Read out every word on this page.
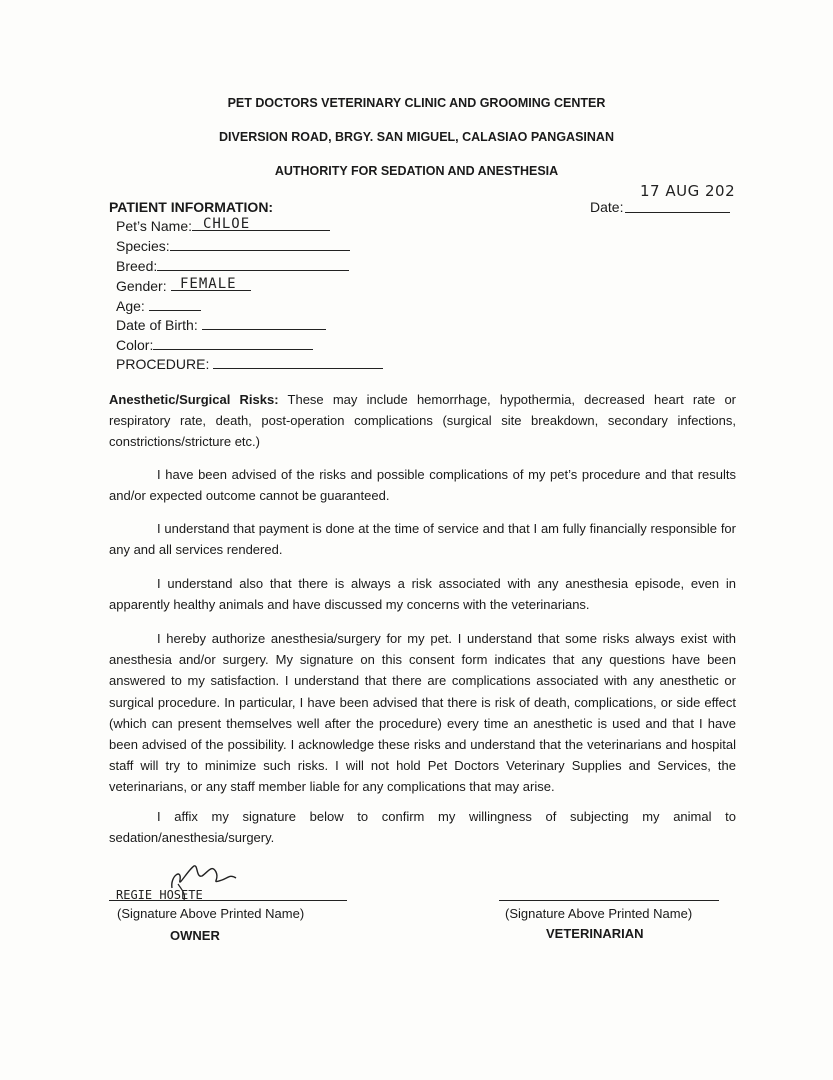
PET DOCTORS VETERINARY CLINIC AND GROOMING CENTER
DIVERSION ROAD, BRGY. SAN MIGUEL, CALASIAO PANGASINAN
AUTHORITY FOR SEDATION AND ANESTHESIA
PATIENT INFORMATION:	Date:
17 AUG 202
Pet’s Name: CHLOE
Species:
Breed:
Gender: FEMALE
Age:
Date of Birth:
Color:
PROCEDURE:
Anesthetic/Surgical Risks: These may include hemorrhage, hypothermia, decreased heart rate or respiratory rate, death, post-operation complications (surgical site breakdown, secondary infections, constrictions/stricture etc.)
I have been advised of the risks and possible complications of my pet’s procedure and that results and/or expected outcome cannot be guaranteed.
I understand that payment is done at the time of service and that I am fully financially responsible for any and all services rendered.
I understand also that there is always a risk associated with any anesthesia episode, even in apparently healthy animals and have discussed my concerns with the veterinarians.
I hereby authorize anesthesia/surgery for my pet. I understand that some risks always exist with anesthesia and/or surgery. My signature on this consent form indicates that any questions have been answered to my satisfaction. I understand that there are complications associated with any anesthetic or surgical procedure. In particular, I have been advised that there is risk of death, complications, or side effect (which can present themselves well after the procedure) every time an anesthetic is used and that I have been advised of the possibility. I acknowledge these risks and understand that the veterinarians and hospital staff will try to minimize such risks. I will not hold Pet Doctors Veterinary Supplies and Services, the veterinarians, or any staff member liable for any complications that may arise.
I affix my signature below to confirm my willingness of subjecting my animal to sedation/anesthesia/surgery.
REGIE HOSETE
(Signature Above Printed Name)
OWNER
(Signature Above Printed Name)
VETERINARIAN
